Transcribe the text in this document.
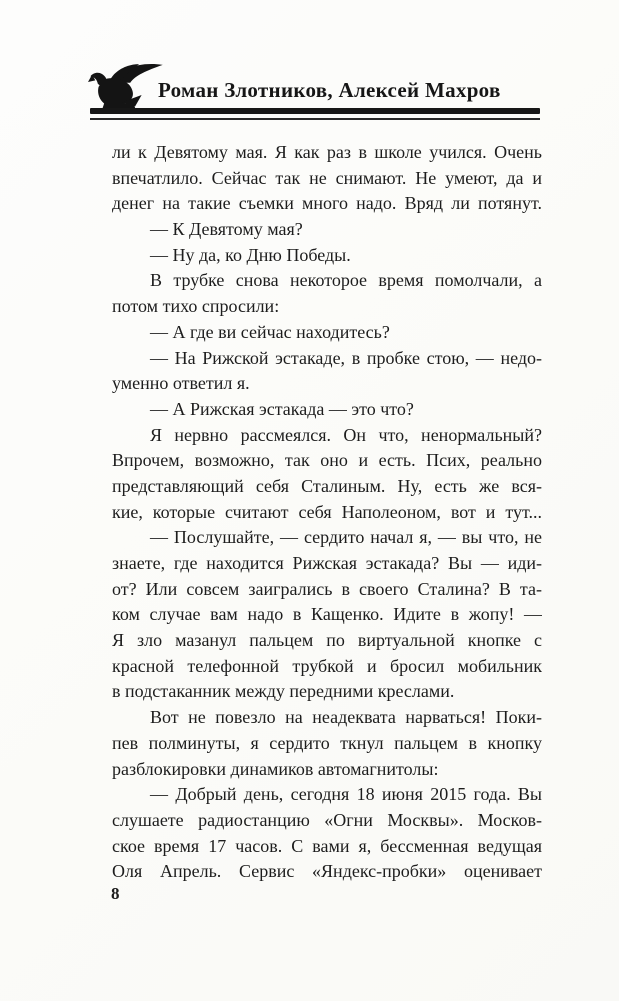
Роман Злотников, Алексей Махров
ли к Девятому мая. Я как раз в школе учился. Очень
впечатлило. Сейчас так не снимают. Не умеют, да и
денег на такие съемки много надо. Вряд ли потянут.
— К Девятому мая?
— Ну да, ко Дню Победы.
В трубке снова некоторое время помолчали, а
потом тихо спросили:
— А где ви сейчас находитесь?
— На Рижской эстакаде, в пробке стою, — недо-
уменно ответил я.
— А Рижская эстакада — это что?
Я нервно рассмеялся. Он что, ненормальный?
Впрочем, возможно, так оно и есть. Псих, реально
представляющий себя Сталиным. Ну, есть же вся-
кие, которые считают себя Наполеоном, вот и тут...
— Послушайте, — сердито начал я, — вы что, не
знаете, где находится Рижская эстакада? Вы — иди-
от? Или совсем заигрались в своего Сталина? В та-
ком случае вам надо в Кащенко. Идите в жопу! —
Я зло мазанул пальцем по виртуальной кнопке с
красной телефонной трубкой и бросил мобильник
в подстаканник между передними креслами.
Вот не повезло на неадеквата нарваться! Поки-
пев полминуты, я сердито ткнул пальцем в кнопку
разблокировки динамиков автомагнитолы:
— Добрый день, сегодня 18 июня 2015 года. Вы
слушаете радиостанцию «Огни Москвы». Москов-
ское время 17 часов. С вами я, бессменная ведущая
Оля Апрель. Сервис «Яндекс-пробки» оценивает
8
